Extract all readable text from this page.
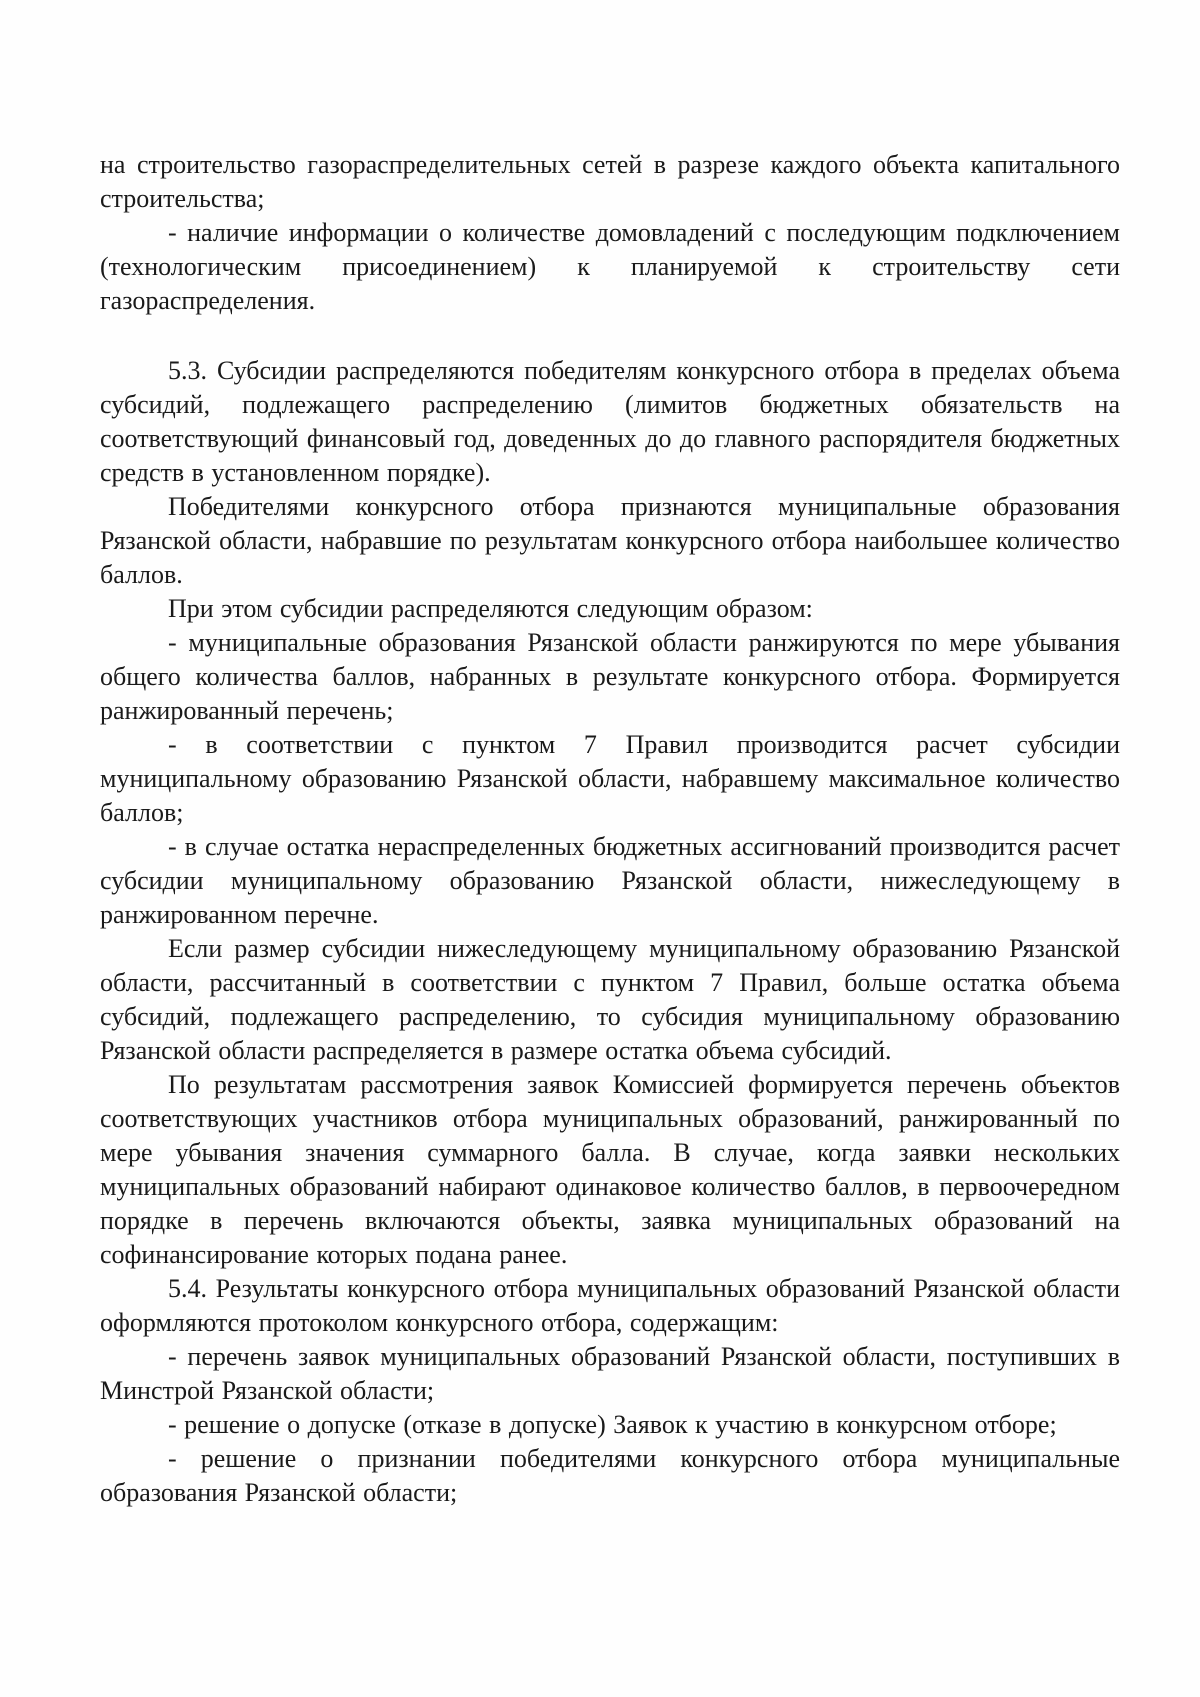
на строительство газораспределительных сетей в разрезе каждого объекта капитального строительства;

- наличие информации о количестве домовладений с последующим подключением (технологическим присоединением) к планируемой к строительству сети газораспределения.

5.3. Субсидии распределяются победителям конкурсного отбора в пределах объема субсидий, подлежащего распределению (лимитов бюджетных обязательств на соответствующий финансовый год, доведенных до до главного распорядителя бюджетных средств в установленном порядке).

Победителями конкурсного отбора признаются муниципальные образования Рязанской области, набравшие по результатам конкурсного отбора наибольшее количество баллов.

При этом субсидии распределяются следующим образом:

- муниципальные образования Рязанской области ранжируются по мере убывания общего количества баллов, набранных в результате конкурсного отбора. Формируется ранжированный перечень;

- в соответствии с пунктом 7 Правил производится расчет субсидии муниципальному образованию Рязанской области, набравшему максимальное количество баллов;

- в случае остатка нераспределенных бюджетных ассигнований производится расчет субсидии муниципальному образованию Рязанской области, нижеследующему в ранжированном перечне.

Если размер субсидии нижеследующему муниципальному образованию Рязанской области, рассчитанный в соответствии с пунктом 7 Правил, больше остатка объема субсидий, подлежащего распределению, то субсидия муниципальному образованию Рязанской области распределяется в размере остатка объема субсидий.

По результатам рассмотрения заявок Комиссией формируется перечень объектов соответствующих участников отбора муниципальных образований, ранжированный по мере убывания значения суммарного балла. В случае, когда заявки нескольких муниципальных образований набирают одинаковое количество баллов, в первоочередном порядке в перечень включаются объекты, заявка муниципальных образований на софинансирование которых подана ранее.

5.4. Результаты конкурсного отбора муниципальных образований Рязанской области оформляются протоколом конкурсного отбора, содержащим:

- перечень заявок муниципальных образований Рязанской области, поступивших в Минстрой Рязанской области;

- решение о допуске (отказе в допуске) Заявок к участию в конкурсном отборе;

- решение о признании победителями конкурсного отбора муниципальные образования Рязанской области;
